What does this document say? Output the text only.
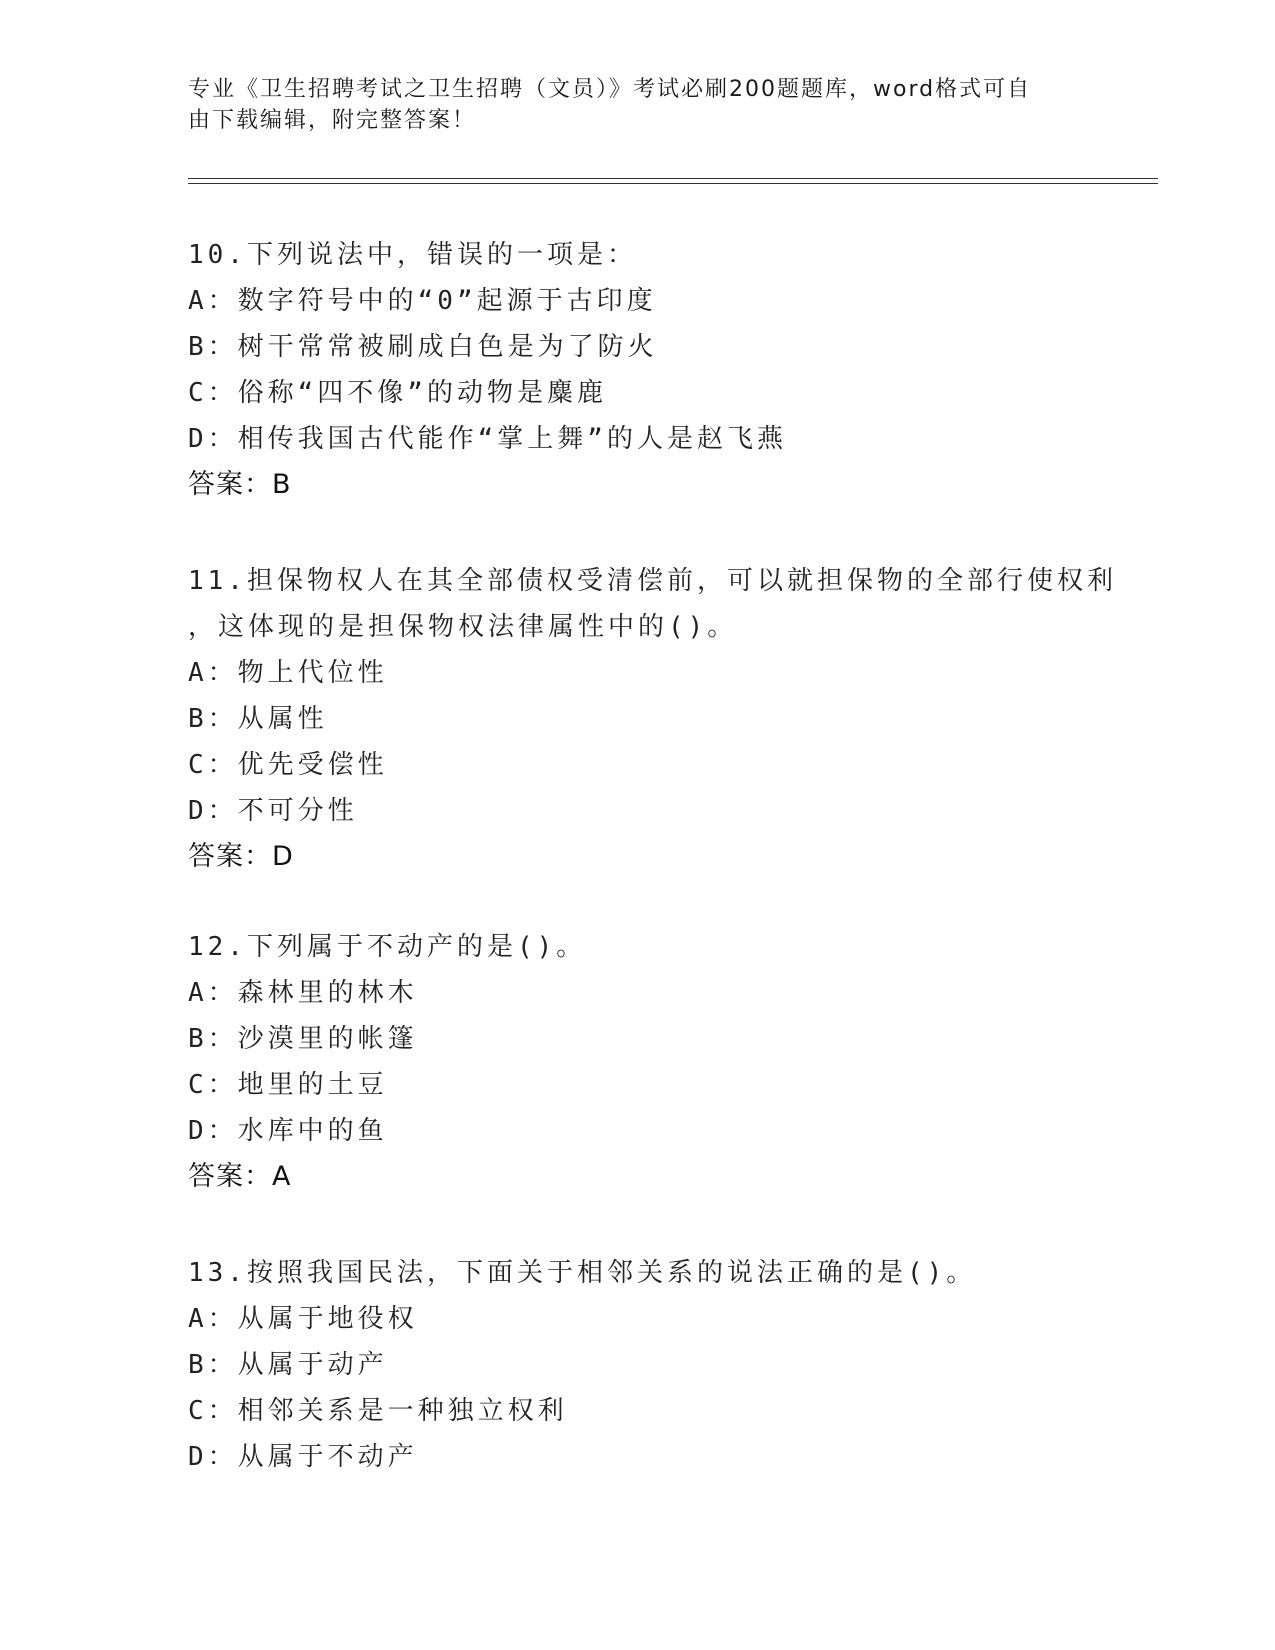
专业《卫生招聘考试之卫生招聘（文员）》考试必刷200题题库，word格式可自
由下载编辑，附完整答案！
10.下列说法中，错误的一项是：
A：数字符号中的“0”起源于古印度
B：树干常常被刷成白色是为了防火
C：俗称“四不像”的动物是麋鹿
D：相传我国古代能作“掌上舞”的人是赵飞燕
答案：B
11.担保物权人在其全部债权受清偿前，可以就担保物的全部行使权利
，这体现的是担保物权法律属性中的()。
A：物上代位性
B：从属性
C：优先受偿性
D：不可分性
答案：D
12.下列属于不动产的是()。
A：森林里的林木
B：沙漠里的帐篷
C：地里的土豆
D：水库中的鱼
答案：A
13.按照我国民法，下面关于相邻关系的说法正确的是()。
A：从属于地役权
B：从属于动产
C：相邻关系是一种独立权利
D：从属于不动产
